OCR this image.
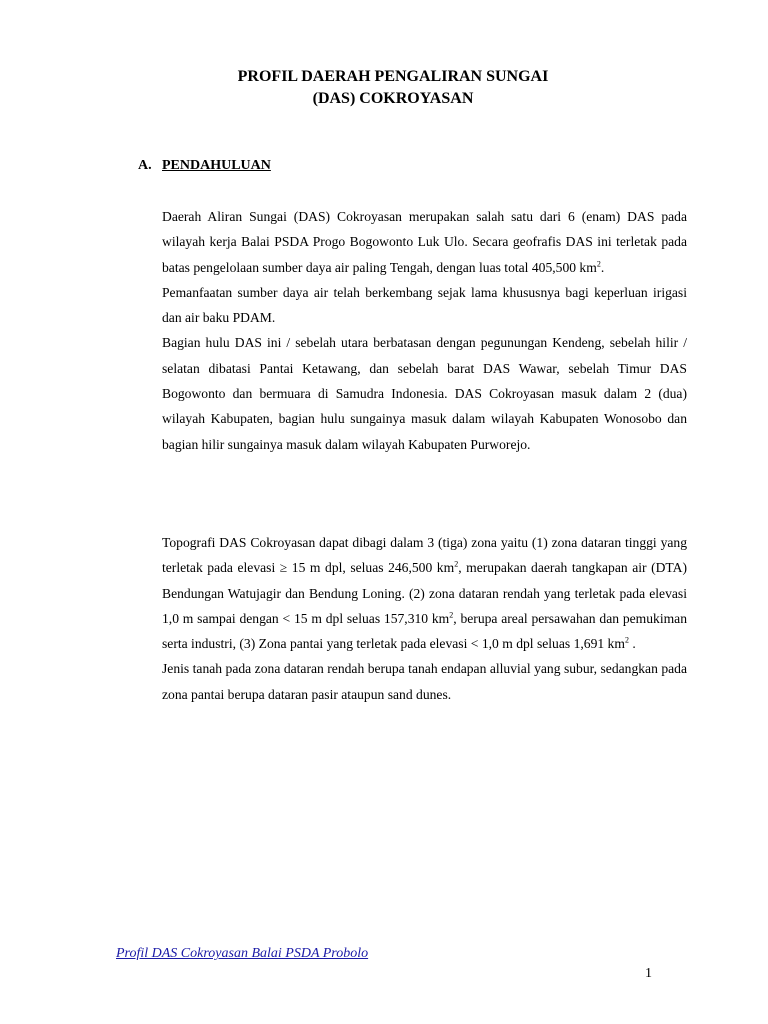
PROFIL DAERAH PENGALIRAN SUNGAI
(DAS) COKROYASAN
A. PENDAHULUAN

Daerah Aliran Sungai (DAS) Cokroyasan merupakan salah satu dari 6 (enam) DAS pada wilayah kerja Balai PSDA Progo Bogowonto Luk Ulo. Secara geofrafis DAS ini terletak pada batas pengelolaan sumber daya air paling Tengah, dengan luas total 405,500 $km^2$.

Pemanfaatan sumber daya air telah berkembang sejak lama khususnya bagi keperluan irigasi dan air baku PDAM.

Bagian hulu DAS ini / sebelah utara berbatasan dengan pegunungan Kendeng, sebelah hilir / selatan dibatasi Pantai Ketawang, dan sebelah barat DAS Wawar, sebelah Timur DAS Bogowonto dan bermuara di Samudra Indonesia. DAS Cokroyasan masuk dalam 2 (dua) wilayah Kabupaten, bagian hulu sungainya masuk dalam wilayah Kabupaten Wonosobo dan bagian hilir sungainya masuk dalam wilayah Kabupaten Purworejo.

Topografi DAS Cokroyasan dapat dibagi dalam 3 (tiga) zona yaitu (1) zona dataran tinggi yang terletak pada elevasi ≥ 15 m dpl, seluas 246,500 $km^2$, merupakan daerah tangkapan air (DTA) Bendungan Watujagir dan Bendung Loning. (2) zona dataran rendah yang terletak pada elevasi 1,0 m sampai dengan < 15 m dpl seluas 157,310 $km^2$, berupa areal persawahan dan pemukiman serta industri, (3) Zona pantai yang terletak pada elevasi < 1,0 m dpl seluas 1,691 $km^2$ .

Jenis tanah pada zona dataran rendah berupa tanah endapan alluvial yang subur, sedangkan pada zona pantai berupa dataran pasir ataupun sand dunes.

Profil DAS Cokroyasan Balai PSDA Probolo
1
